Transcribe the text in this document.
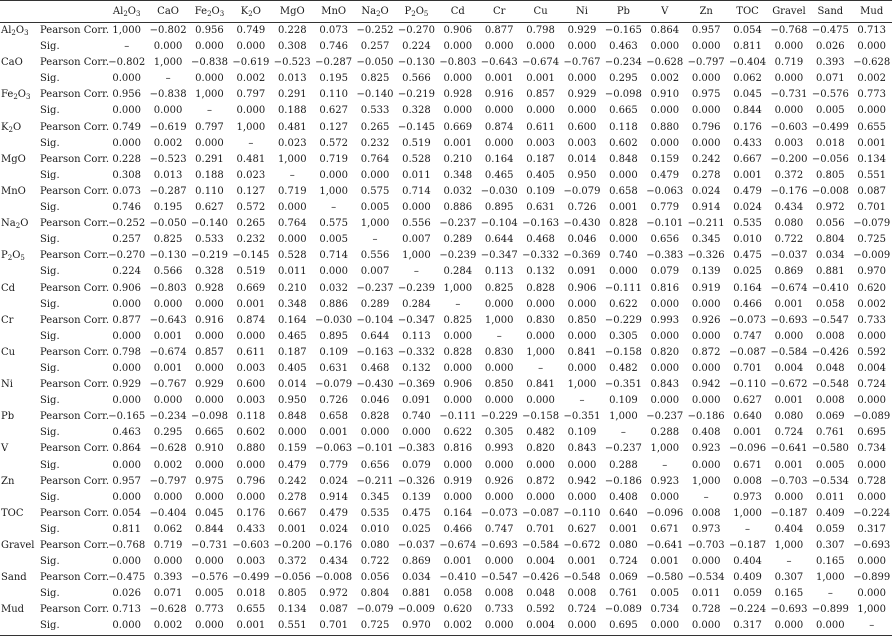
		$Al_2O_3$	CaO	$Fe_2O_3$	$K_2O$	MgO	MnO	$Na_2O$	$P_2O_5$	Cd	Cr	Cu	Ni	Pb	V	Zn	TOC	Gravel	Sand	Mud
$Al_2O_3$	Pearson Corr.	1,000	−0.802	0.956	0.749	0.228	0.073	−0.252	−0.270	0.906	0.877	0.798	0.929	−0.165	0.864	0.957	0.054	−0.768	−0.475	0.713
	Sig.	–	0.000	0.000	0.000	0.308	0.746	0.257	0.224	0.000	0.000	0.000	0.000	0.463	0.000	0.000	0.811	0.000	0.026	0.000
CaO	Pearson Corr.	−0.802	1,000	−0.838	−0.619	−0.523	−0.287	−0.050	−0.130	−0.803	−0.643	−0.674	−0.767	−0.234	−0.628	−0.797	−0.404	0.719	0.393	−0.628
	Sig.	0.000	–	0.000	0.002	0.013	0.195	0.825	0.566	0.000	0.001	0.001	0.000	0.295	0.002	0.000	0.062	0.000	0.071	0.002
$Fe_2O_3$	Pearson Corr.	0.956	−0.838	1,000	0.797	0.291	0.110	−0.140	−0.219	0.928	0.916	0.857	0.929	−0.098	0.910	0.975	0.045	−0.731	−0.576	0.773
	Sig.	0.000	0.000	–	0.000	0.188	0.627	0.533	0.328	0.000	0.000	0.000	0.000	0.665	0.000	0.000	0.844	0.000	0.005	0.000
$K_2O$	Pearson Corr.	0.749	−0.619	0.797	1,000	0.481	0.127	0.265	−0.145	0.669	0.874	0.611	0.600	0.118	0.880	0.796	0.176	−0.603	−0.499	0.655
	Sig.	0.000	0.002	0.000	–	0.023	0.572	0.232	0.519	0.001	0.000	0.003	0.003	0.602	0.000	0.000	0.433	0.003	0.018	0.001
MgO	Pearson Corr.	0.228	−0.523	0.291	0.481	1,000	0.719	0.764	0.528	0.210	0.164	0.187	0.014	0.848	0.159	0.242	0.667	−0.200	−0.056	0.134
	Sig.	0.308	0.013	0.188	0.023	–	0.000	0.000	0.011	0.348	0.465	0.405	0.950	0.000	0.479	0.278	0.001	0.372	0.805	0.551
MnO	Pearson Corr.	0.073	−0.287	0.110	0.127	0.719	1,000	0.575	0.714	0.032	−0.030	0.109	−0.079	0.658	−0.063	0.024	0.479	−0.176	−0.008	0.087
	Sig.	0.746	0.195	0.627	0.572	0.000	–	0.005	0.000	0.886	0.895	0.631	0.726	0.001	0.779	0.914	0.024	0.434	0.972	0.701
$Na_2O$	Pearson Corr.	−0.252	−0.050	−0.140	0.265	0.764	0.575	1,000	0.556	−0.237	−0.104	−0.163	−0.430	0.828	−0.101	−0.211	0.535	0.080	0.056	−0.079
	Sig.	0.257	0.825	0.533	0.232	0.000	0.005	–	0.007	0.289	0.644	0.468	0.046	0.000	0.656	0.345	0.010	0.722	0.804	0.725
$P_2O_5$	Pearson Corr.	−0.270	−0.130	−0.219	−0.145	0.528	0.714	0.556	1,000	−0.239	−0.347	−0.332	−0.369	0.740	−0.383	−0.326	0.475	−0.037	0.034	−0.009
	Sig.	0.224	0.566	0.328	0.519	0.011	0.000	0.007	–	0.284	0.113	0.132	0.091	0.000	0.079	0.139	0.025	0.869	0.881	0.970
Cd	Pearson Corr.	0.906	−0.803	0.928	0.669	0.210	0.032	−0.237	−0.239	1,000	0.825	0.828	0.906	−0.111	0.816	0.919	0.164	−0.674	−0.410	0.620
	Sig.	0.000	0.000	0.000	0.001	0.348	0.886	0.289	0.284	–	0.000	0.000	0.000	0.622	0.000	0.000	0.466	0.001	0.058	0.002
Cr	Pearson Corr.	0.877	−0.643	0.916	0.874	0.164	−0.030	−0.104	−0.347	0.825	1,000	0.830	0.850	−0.229	0.993	0.926	−0.073	−0.693	−0.547	0.733
	Sig.	0.000	0.001	0.000	0.000	0.465	0.895	0.644	0.113	0.000	–	0.000	0.000	0.305	0.000	0.000	0.747	0.000	0.008	0.000
Cu	Pearson Corr.	0.798	−0.674	0.857	0.611	0.187	0.109	−0.163	−0.332	0.828	0.830	1,000	0.841	−0.158	0.820	0.872	−0.087	−0.584	−0.426	0.592
	Sig.	0.000	0.001	0.000	0.003	0.405	0.631	0.468	0.132	0.000	0.000	–	0.000	0.482	0.000	0.000	0.701	0.004	0.048	0.004
Ni	Pearson Corr.	0.929	−0.767	0.929	0.600	0.014	−0.079	−0.430	−0.369	0.906	0.850	0.841	1,000	−0.351	0.843	0.942	−0.110	−0.672	−0.548	0.724
	Sig.	0.000	0.000	0.000	0.003	0.950	0.726	0.046	0.091	0.000	0.000	0.000	–	0.109	0.000	0.000	0.627	0.001	0.008	0.000
Pb	Pearson Corr.	−0.165	−0.234	−0.098	0.118	0.848	0.658	0.828	0.740	−0.111	−0.229	−0.158	−0.351	1,000	−0.237	−0.186	0.640	0.080	0.069	−0.089
	Sig.	0.463	0.295	0.665	0.602	0.000	0.001	0.000	0.000	0.622	0.305	0.482	0.109	–	0.288	0.408	0.001	0.724	0.761	0.695
V	Pearson Corr.	0.864	−0.628	0.910	0.880	0.159	−0.063	−0.101	−0.383	0.816	0.993	0.820	0.843	−0.237	1,000	0.923	−0.096	−0.641	−0.580	0.734
	Sig.	0.000	0.002	0.000	0.000	0.479	0.779	0.656	0.079	0.000	0.000	0.000	0.000	0.288	–	0.000	0.671	0.001	0.005	0.000
Zn	Pearson Corr.	0.957	−0.797	0.975	0.796	0.242	0.024	−0.211	−0.326	0.919	0.926	0.872	0.942	−0.186	0.923	1,000	0.008	−0.703	−0.534	0.728
	Sig.	0.000	0.000	0.000	0.000	0.278	0.914	0.345	0.139	0.000	0.000	0.000	0.000	0.408	0.000	–	0.973	0.000	0.011	0.000
TOC	Pearson Corr.	0.054	−0.404	0.045	0.176	0.667	0.479	0.535	0.475	0.164	−0.073	−0.087	−0.110	0.640	−0.096	0.008	1,000	−0.187	0.409	−0.224
	Sig.	0.811	0.062	0.844	0.433	0.001	0.024	0.010	0.025	0.466	0.747	0.701	0.627	0.001	0.671	0.973	–	0.404	0.059	0.317
Gravel	Pearson Corr.	−0.768	0.719	−0.731	−0.603	−0.200	−0.176	0.080	−0.037	−0.674	−0.693	−0.584	−0.672	0.080	−0.641	−0.703	−0.187	1,000	0.307	−0.693
	Sig.	0.000	0.000	0.000	0.003	0.372	0.434	0.722	0.869	0.001	0.000	0.004	0.001	0.724	0.001	0.000	0.404	–	0.165	0.000
Sand	Pearson Corr.	−0.475	0.393	−0.576	−0.499	−0.056	−0.008	0.056	0.034	−0.410	−0.547	−0.426	−0.548	0.069	−0.580	−0.534	0.409	0.307	1,000	−0.899
	Sig.	0.026	0.071	0.005	0.018	0.805	0.972	0.804	0.881	0.058	0.008	0.048	0.008	0.761	0.005	0.011	0.059	0.165	–	0.000
Mud	Pearson Corr.	0.713	−0.628	0.773	0.655	0.134	0.087	−0.079	−0.009	0.620	0.733	0.592	0.724	−0.089	0.734	0.728	−0.224	−0.693	−0.899	1,000
	Sig.	0.000	0.002	0.000	0.001	0.551	0.701	0.725	0.970	0.002	0.000	0.004	0.000	0.695	0.000	0.000	0.317	0.000	0.000	–
